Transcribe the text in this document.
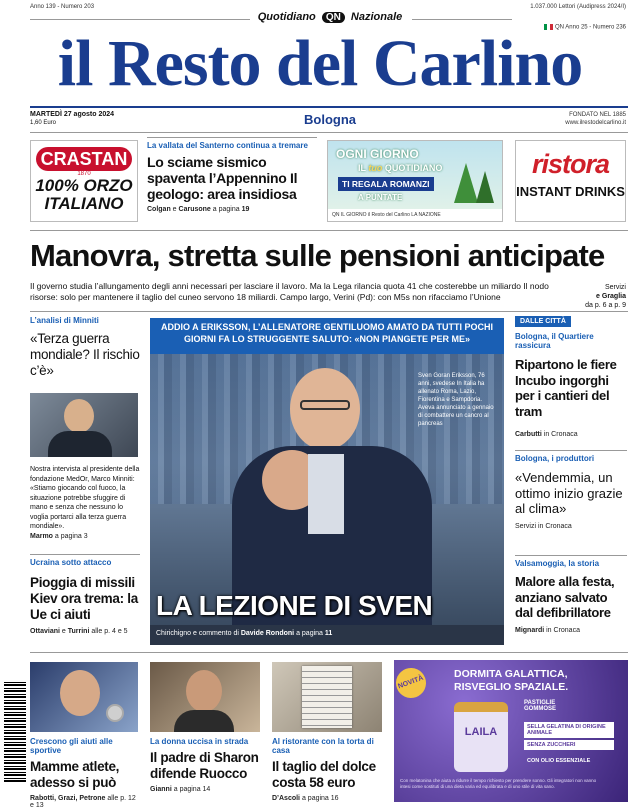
Anno 139 - Numero 203	1.037.000 Lettori (Audipress 2024/I)
Quotidiano QN Nazionale
QN Anno 25 - Numero 236
il Resto del Carlino
MARTEDÌ 27 agosto 2024
1,60 Euro	Bologna	FONDATO NEL 1885
www.ilrestodelcarlino.it
CRASTAN
1870
100% ORZO
ITALIANO
La vallata del Santerno continua a tremare
Lo sciame sismico spaventa l’Appennino Il geologo: area insidiosa
Colgan e Carusone a pagina 19
OGNI GIORNO
IL tuo QUOTIDIANO
TI REGALA ROMANZI
A PUNTATE
QN IL GIORNO il Resto del Carlino LA NAZIONE
ristora
INSTANT DRINKS
Manovra, stretta sulle pensioni anticipate
Il governo studia l’allungamento degli anni necessari per lasciare il lavoro. Ma la Lega rilancia quota 41 che costerebbe un miliardo Il nodo risorse: solo per mantenere il taglio del cuneo servono 18 miliardi. Campo largo, Verini (Pd): con M5s non rifacciamo l’Unione
Servizi
e Graglia
da p. 6 a p. 9
L’analisi di Minniti
«Terza guerra mondiale? Il rischio c’è»
Nostra intervista al presidente della fondazione MedOr, Marco Minniti: «Stiamo giocando col fuoco, la situazione potrebbe sfuggire di mano e senza che nessuno lo voglia portarci alla terza guerra mondiale».
Marmo a pagina 3
Ucraina sotto attacco
Pioggia di missili Kiev ora trema: la Ue ci aiuti
Ottaviani e Turrini alle p. 4 e 5
ADDIO A ERIKSSON, L’ALLENATORE GENTILUOMO AMATO DA TUTTI POCHI GIORNI FA LO STRUGGENTE SALUTO: «NON PIANGETE PER ME»
Sven Goran Eriksson, 76 anni, svedese In Italia ha allenato Roma, Lazio, Fiorentina e Sampdoria. Aveva annunciato a gennaio di combattere un cancro al pancreas
LA LEZIONE DI SVEN
Chirichigno e commento di Davide Rondoni a pagina 11
DALLE CITTÀ
Bologna, il Quartiere rassicura
Ripartono le fiere Incubo ingorghi per i cantieri del tram
Carbutti in Cronaca
Bologna, i produttori
«Vendemmia, un ottimo inizio grazie al clima»
Servizi in Cronaca
Valsamoggia, la storia
Malore alla festa, anziano salvato dal defibrillatore
Mignardi in Cronaca
Crescono gli aiuti alle sportive
Mamme atlete, adesso si può
Rabotti, Grazi, Petrone alle p. 12 e 13
La donna uccisa in strada
Il padre di Sharon difende Ruocco
Gianni a pagina 14
Al ristorante con la torta di casa
Il taglio del dolce costa 58 euro
D’Ascoli a pagina 16
DORMITA GALATTICA,
RISVEGLIO SPAZIALE.
NOVITÀ
LAILA
PASTIGLIE GOMMOSE
SELLA GELATINA DI ORIGINE ANIMALE
SENZA ZUCCHERI
CON OLIO ESSENZIALE
Con melatonina che aiuta a ridurre il tempo richiesto per prendere sonno. Gli integratori non vanno intesi come sostituti di una dieta varia ed equilibrata e di uno stile di vita sano.
